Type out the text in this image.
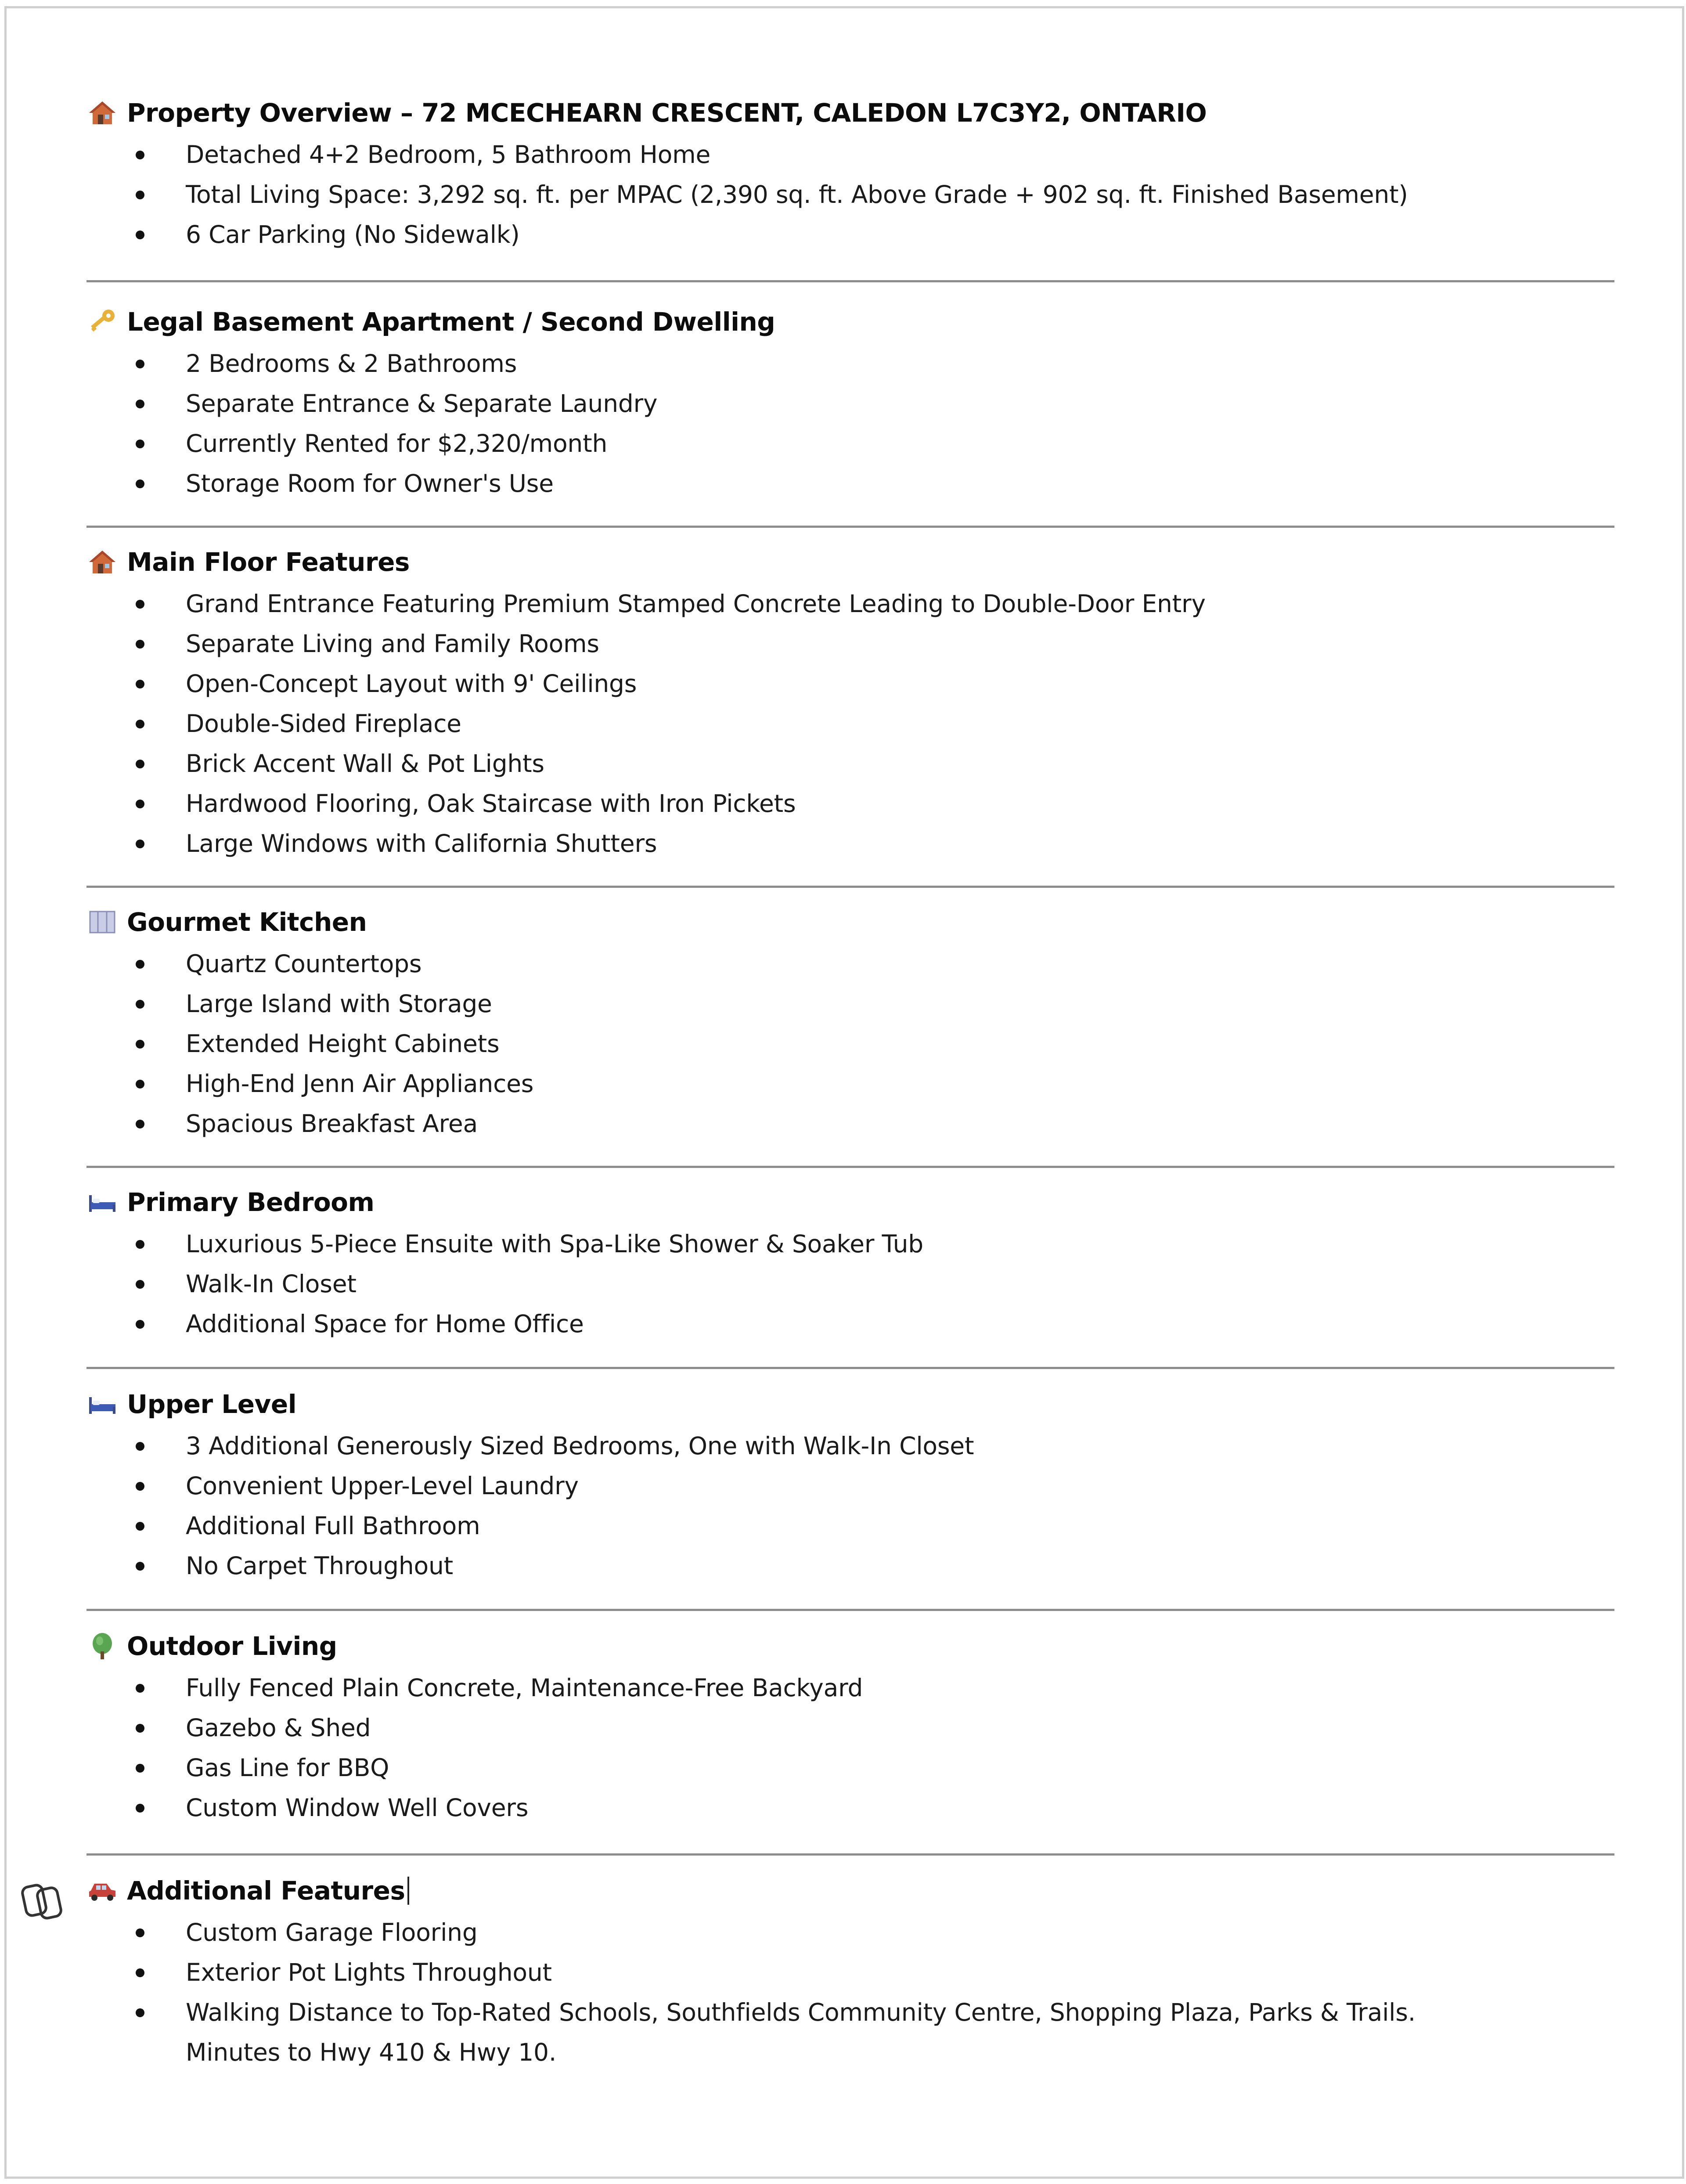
Property Overview – 72 MCECHEARN CRESCENT, CALEDON L7C3Y2, ONTARIO
Detached 4+2 Bedroom, 5 Bathroom Home
Total Living Space: 3,292 sq. ft. per MPAC (2,390 sq. ft. Above Grade + 902 sq. ft. Finished Basement)
6 Car Parking (No Sidewalk)
Legal Basement Apartment / Second Dwelling
2 Bedrooms & 2 Bathrooms
Separate Entrance & Separate Laundry
Currently Rented for $2,320/month
Storage Room for Owner's Use
Main Floor Features
Grand Entrance Featuring Premium Stamped Concrete Leading to Double-Door Entry
Separate Living and Family Rooms
Open-Concept Layout with 9' Ceilings
Double-Sided Fireplace
Brick Accent Wall & Pot Lights
Hardwood Flooring, Oak Staircase with Iron Pickets
Large Windows with California Shutters
Gourmet Kitchen
Quartz Countertops
Large Island with Storage
Extended Height Cabinets
High-End Jenn Air Appliances
Spacious Breakfast Area
Primary Bedroom
Luxurious 5-Piece Ensuite with Spa-Like Shower & Soaker Tub
Walk-In Closet
Additional Space for Home Office
Upper Level
3 Additional Generously Sized Bedrooms, One with Walk-In Closet
Convenient Upper-Level Laundry
Additional Full Bathroom
No Carpet Throughout
Outdoor Living
Fully Fenced Plain Concrete, Maintenance-Free Backyard
Gazebo & Shed
Gas Line for BBQ
Custom Window Well Covers
Additional Features
Custom Garage Flooring
Exterior Pot Lights Throughout
Walking Distance to Top-Rated Schools, Southfields Community Centre, Shopping Plaza, Parks & Trails.
Minutes to Hwy 410 & Hwy 10.
